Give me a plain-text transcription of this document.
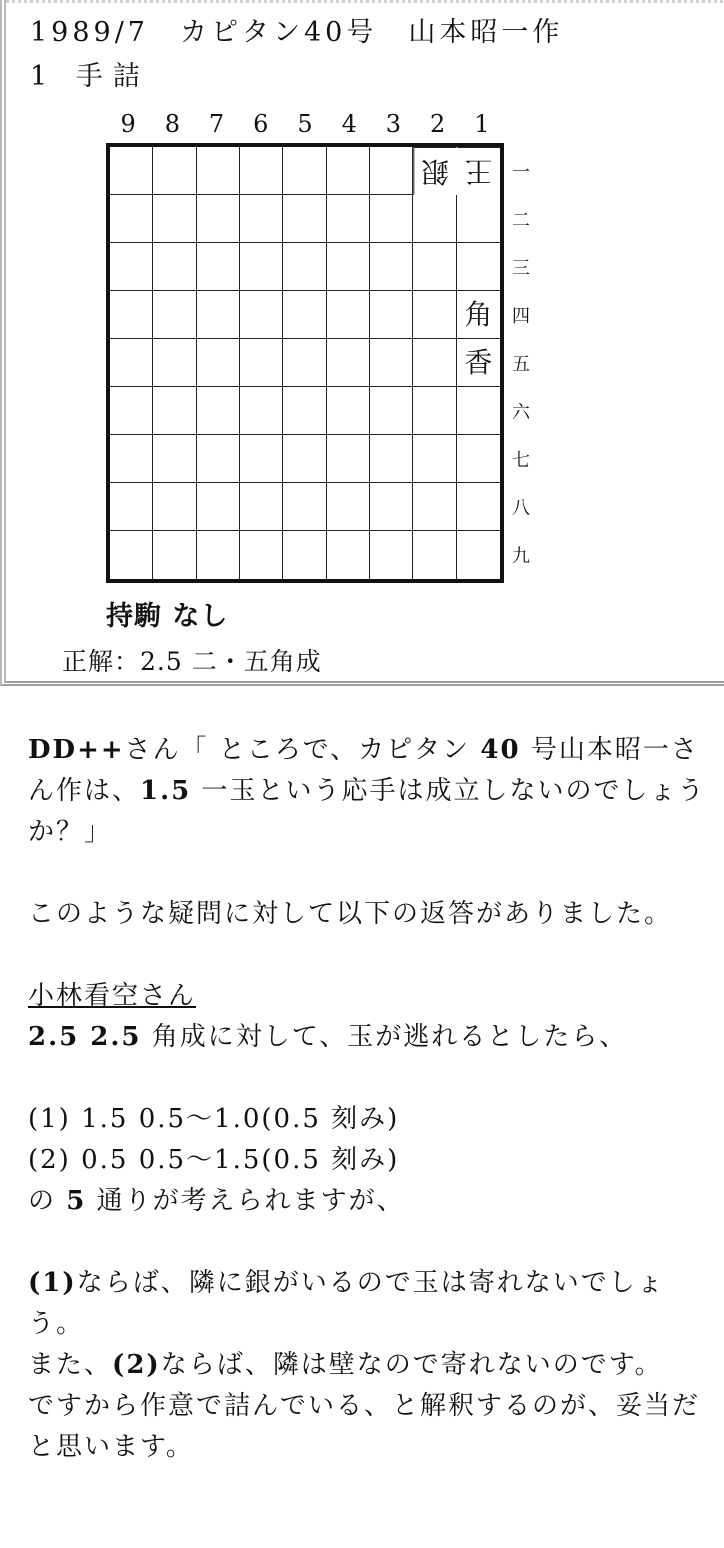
1989/7　カピタン40号　山本昭一作
1 手詰
9	8	7	6	5	4	3	2	1
銀 王
角
香
一
二
三
四
五
六
七
八
九
持駒 なし
正解：2.5 二・五角成

DD++さん「 ところで、カピタン 40 号山本昭一さん作は、1.5 一玉という応手は成立しないのでしょうか？」

このような疑問に対して以下の返答がありました。

小林看空さん
2.5 2.5 角成に対して、玉が逃れるとしたら、

(1) 1.5 0.5～1.0(0.5 刻み)
(2) 0.5 0.5～1.5(0.5 刻み)
の 5 通りが考えられますが、

(1)ならば、隣に銀がいるので玉は寄れないでしょう。
また、(2)ならば、隣は壁なので寄れないのです。
ですから作意で詰んでいる、と解釈するのが、妥当だと思います。
